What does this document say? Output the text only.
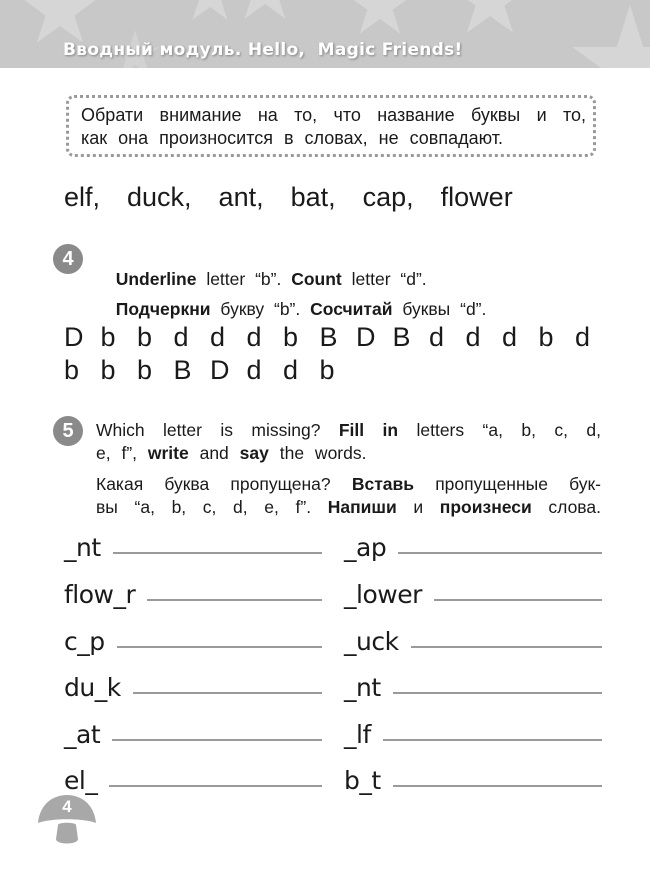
Вводный модуль. Hello,  Magic Friends!
Обрати внимание на то, что название буквы и то,
как она произносится в словах, не совпадают.
elf,  duck,  ant,  bat,  cap,  flower
4

Underline letter “b”. Count letter “d”.

Подчеркни букву “b”. Сосчитай буквы “d”.

D b b d d d b B D B d d d b d
b b b B D d d b
5	Which letter is missing? Fill in letters “a, b, c, d,
e, f”, write and say the words.
Какая буква пропущена? Вставь пропущенные бук-
вы “a, b, c, d, e, f”. Напиши и произнеси слова.
_nt
flow_r
c_p
du_k
_at
el_
_ap
_lower
_uck
_nt
_lf
b_t
4
